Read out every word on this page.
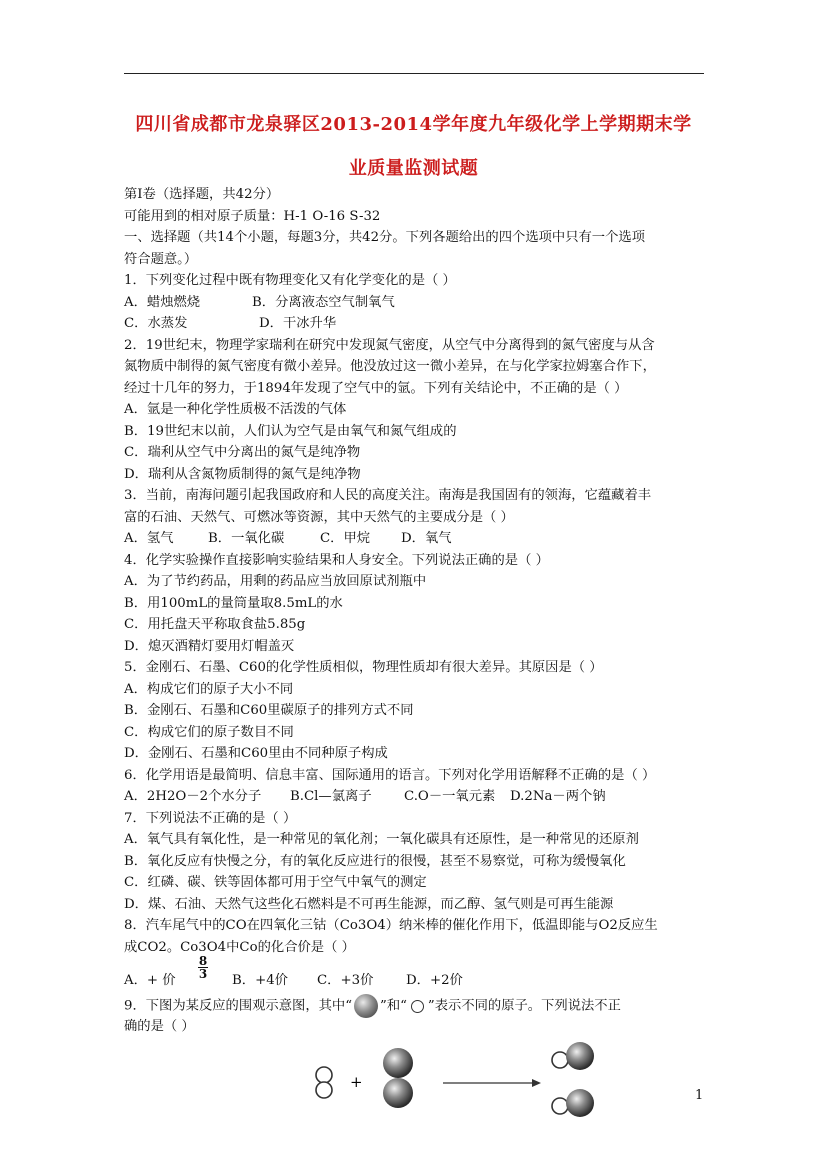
四川省成都市龙泉驿区2013-2014学年度九年级化学上学期期末学
业质量监测试题
第Ⅰ卷（选择题，共42分）
可能用到的相对原子质量：H-1 O-16 S-32
一、选择题（共14个小题，每题3分，共42分。下列各题给出的四个选项中只有一个选项
符合题意。）
1．下列变化过程中既有物理变化又有化学变化的是（ ）
A．蜡烛燃烧	B．分离液态空气制氧气
C．水蒸发	D．干冰升华
2．19世纪末，物理学家瑞利在研究中发现氮气密度，从空气中分离得到的氮气密度与从含
氮物质中制得的氮气密度有微小差异。他没放过这一微小差异，在与化学家拉姆塞合作下，
经过十几年的努力，于1894年发现了空气中的氩。下列有关结论中，不正确的是（ ）
A．氩是一种化学性质极不活泼的气体
B．19世纪末以前，人们认为空气是由氧气和氮气组成的
C．瑞利从空气中分离出的氮气是纯净物
D．瑞利从含氮物质制得的氮气是纯净物
3．当前，南海问题引起我国政府和人民的高度关注。南海是我国固有的领海，它蕴藏着丰
富的石油、天然气、可燃冰等资源，其中天然气的主要成分是（ ）
A．氢气	B．一氧化碳	C．甲烷 D．氧气
4．化学实验操作直接影响实验结果和人身安全。下列说法正确的是（ ）
A．为了节约药品，用剩的药品应当放回原试剂瓶中
B．用100mL的量筒量取8.5mL的水
C．用托盘天平称取食盐5.85g
D．熄灭酒精灯要用灯帽盖灭
5．金刚石、石墨、C60的化学性质相似，物理性质却有很大差异。其原因是（ ）
A．构成它们的原子大小不同
B．金刚石、石墨和C60里碳原子的排列方式不同
C．构成它们的原子数目不同
D．金刚石、石墨和C60里由不同种原子构成
6．化学用语是最简明、信息丰富、国际通用的语言。下列对化学用语解释不正确的是（ ）
A．2H2O－2个水分子 B.Cl—氯离子 C.O－一氧元素 D.2Na－两个钠
7．下列说法不正确的是（ ）
A．氧气具有氧化性，是一种常见的氧化剂；一氧化碳具有还原性，是一种常见的还原剂
B．氧化反应有快慢之分，有的氧化反应进行的很慢，甚至不易察觉，可称为缓慢氧化
C．红磷、碳、铁等固体都可用于空气中氧气的测定
D．煤、石油、天然气这些化石燃料是不可再生能源，而乙醇、氢气则是可再生能源
8．汽车尾气中的CO在四氧化三钴（Co3O4）纳米棒的催化作用下，低温即能与O2反应生
成CO2。Co3O4中Co的化合价是（ ）
A．+ 价
8
3 B．+4价 C．+3价 D．+2价
9．下图为某反应的围观示意图，其中“ ”和“ ”表示不同的原子。下列说法不正
确的是（ ）
+
1
